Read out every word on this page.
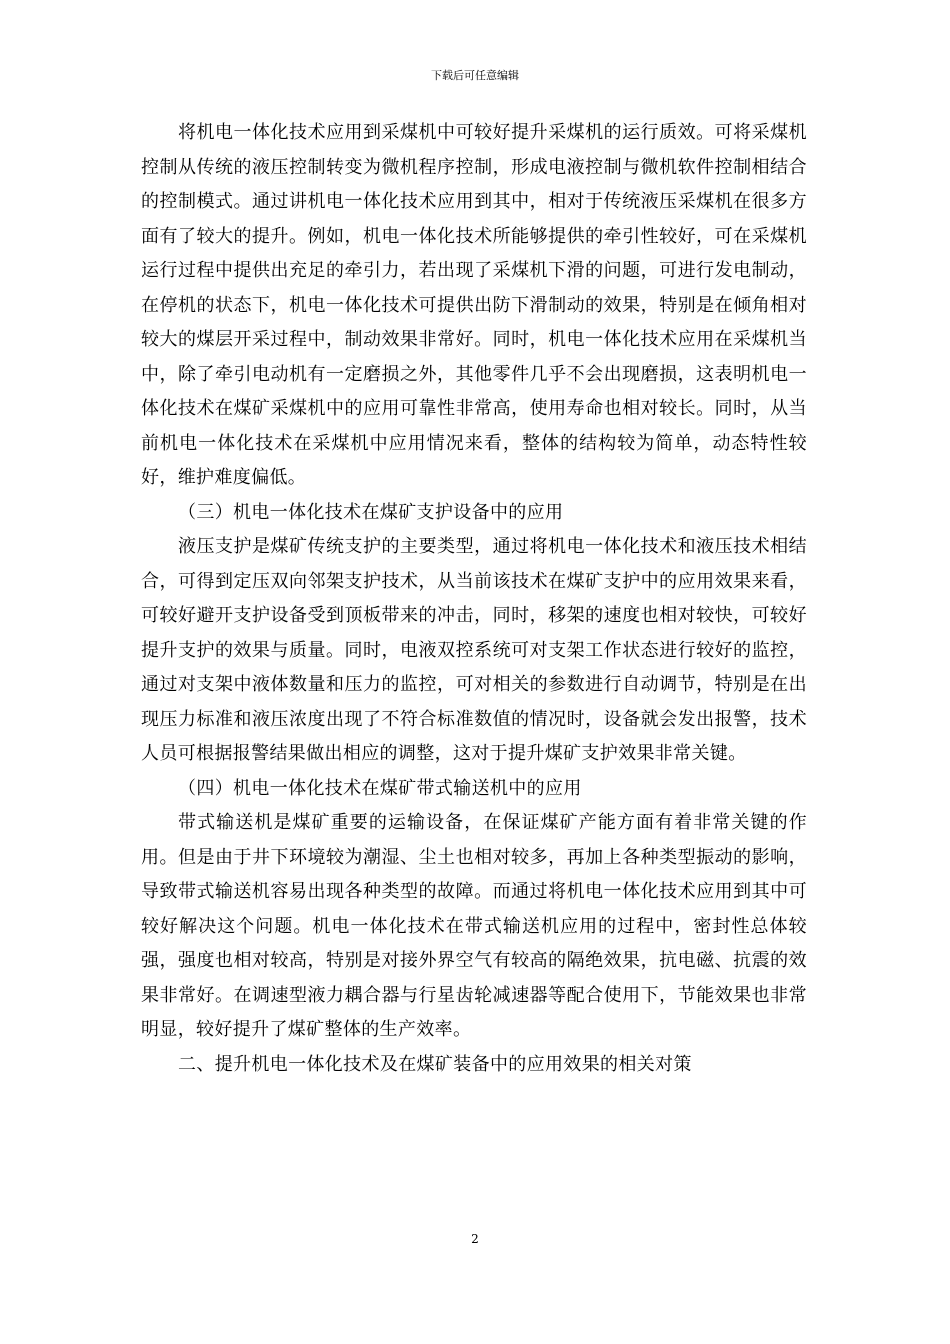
下载后可任意编辑

将机电一体化技术应用到采煤机中可较好提升采煤机的运行质效。可将采煤机控制从传统的液压控制转变为微机程序控制，形成电液控制与微机软件控制相结合的控制模式。通过讲机电一体化技术应用到其中，相对于传统液压采煤机在很多方面有了较大的提升。例如，机电一体化技术所能够提供的牵引性较好，可在采煤机运行过程中提供出充足的牵引力，若出现了采煤机下滑的问题，可进行发电制动，在停机的状态下，机电一体化技术可提供出防下滑制动的效果，特别是在倾角相对较大的煤层开采过程中，制动效果非常好。同时，机电一体化技术应用在采煤机当中，除了牵引电动机有一定磨损之外，其他零件几乎不会出现磨损，这表明机电一体化技术在煤矿采煤机中的应用可靠性非常高，使用寿命也相对较长。同时，从当前机电一体化技术在采煤机中应用情况来看，整体的结构较为简单，动态特性较好，维护难度偏低。

（三）机电一体化技术在煤矿支护设备中的应用

液压支护是煤矿传统支护的主要类型，通过将机电一体化技术和液压技术相结合，可得到定压双向邻架支护技术，从当前该技术在煤矿支护中的应用效果来看，可较好避开支护设备受到顶板带来的冲击，同时，移架的速度也相对较快，可较好提升支护的效果与质量。同时，电液双控系统可对支架工作状态进行较好的监控，通过对支架中液体数量和压力的监控，可对相关的参数进行自动调节，特别是在出现压力标准和液压浓度出现了不符合标准数值的情况时，设备就会发出报警，技术人员可根据报警结果做出相应的调整，这对于提升煤矿支护效果非常关键。

（四）机电一体化技术在煤矿带式输送机中的应用

带式输送机是煤矿重要的运输设备，在保证煤矿产能方面有着非常关键的作用。但是由于井下环境较为潮湿、尘土也相对较多，再加上各种类型振动的影响，导致带式输送机容易出现各种类型的故障。而通过将机电一体化技术应用到其中可较好解决这个问题。机电一体化技术在带式输送机应用的过程中，密封性总体较强，强度也相对较高，特别是对接外界空气有较高的隔绝效果，抗电磁、抗震的效果非常好。在调速型液力耦合器与行星齿轮减速器等配合使用下，节能效果也非常明显，较好提升了煤矿整体的生产效率。

二、提升机电一体化技术及在煤矿装备中的应用效果的相关对策

2
